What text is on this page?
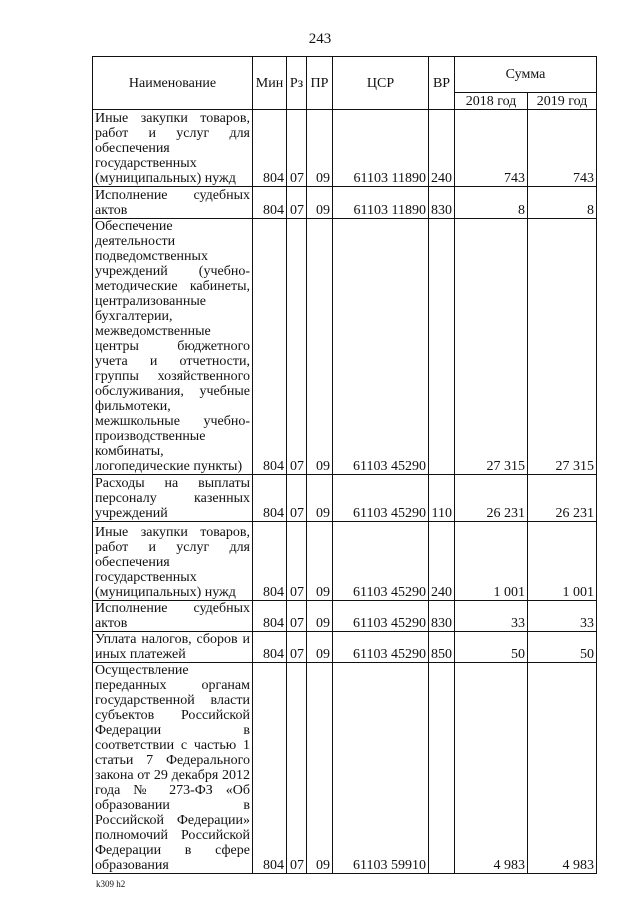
243
Наименование	Мин	Рз	ПР	ЦСР	ВР	Сумма	
						2018 год	2019 год
Иные закупки товаров, работ и услуг для обеспечения государственных (муниципальных) нужд	804	07	09	61103 11890	240	743	743
Исполнение судебных актов	804	07	09	61103 11890	830	8	8
Обеспечение деятельности подведомственных учреждений (учебно-методические кабинеты, централизованные бухгалтерии, межведомственные центры бюджетного учета и отчетности, группы хозяйственного обслуживания, учебные фильмотеки, межшкольные учебно-производственные комбинаты, логопедические пункты)	804	07	09	61103 45290		27 315	27 315
Расходы на выплаты персоналу казенных учреждений	804	07	09	61103 45290	110	26 231	26 231
Иные закупки товаров, работ и услуг для обеспечения государственных (муниципальных) нужд	804	07	09	61103 45290	240	1 001	1 001
Исполнение судебных актов	804	07	09	61103 45290	830	33	33
Уплата налогов, сборов и иных платежей	804	07	09	61103 45290	850	50	50
Осуществление переданных органам государственной власти субъектов Российской Федерации в соответствии с частью 1 статьи 7 Федерального закона от 29 декабря 2012 года № 273-ФЗ «Об образовании в Российской Федерации» полномочий Российской Федерации в сфере образования	804	07	09	61103 59910		4 983	4 983
k309 h2
